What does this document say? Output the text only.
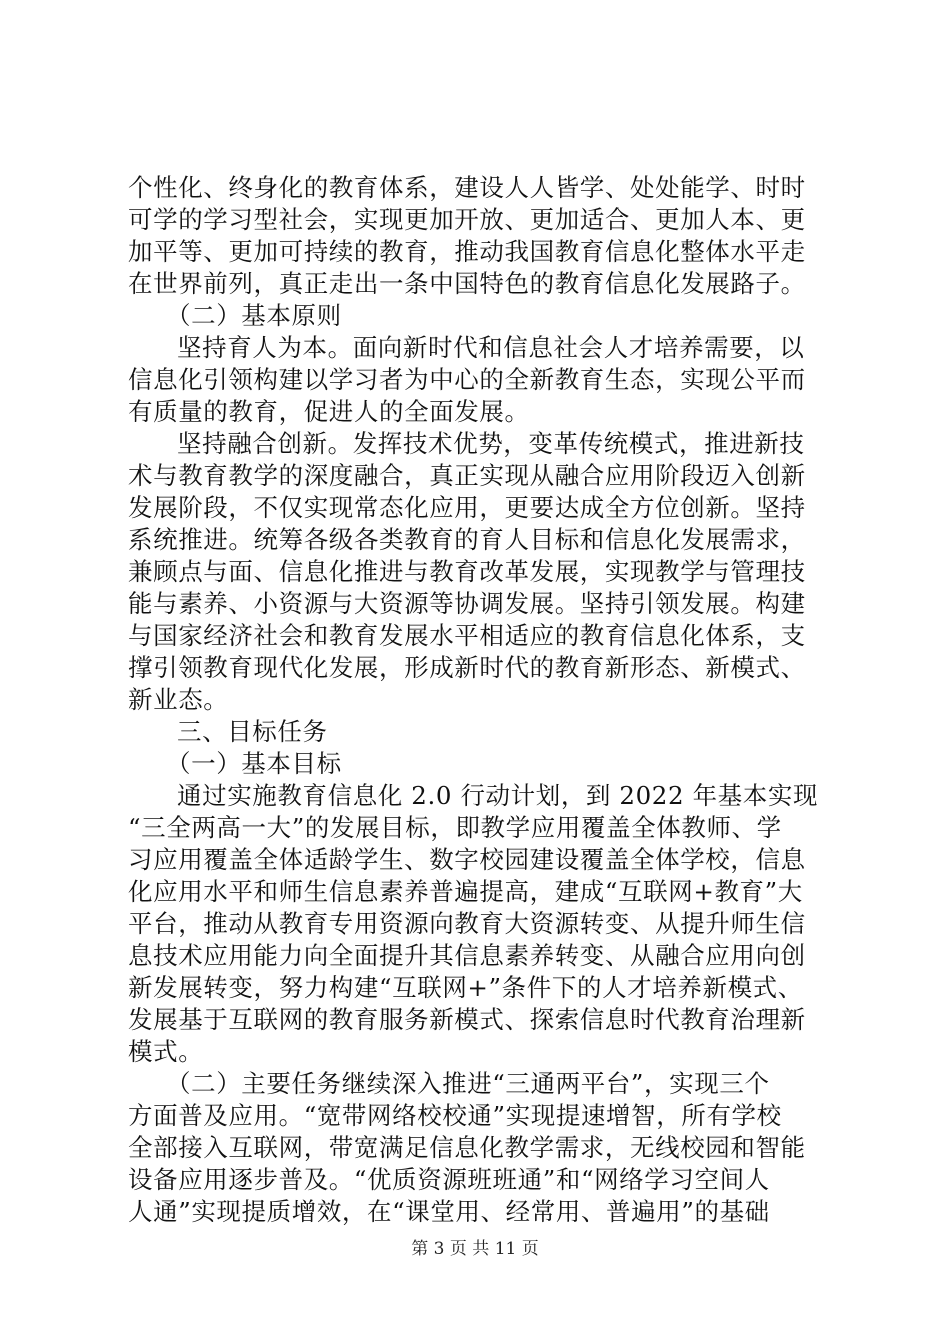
个性化、终身化的教育体系，建设人人皆学、处处能学、时时
可学的学习型社会，实现更加开放、更加适合、更加人本、更
加平等、更加可持续的教育，推动我国教育信息化整体水平走
在世界前列，真正走出一条中国特色的教育信息化发展路子。
（二）基本原则
坚持育人为本。面向新时代和信息社会人才培养需要，以
信息化引领构建以学习者为中心的全新教育生态，实现公平而
有质量的教育，促进人的全面发展。
坚持融合创新。发挥技术优势，变革传统模式，推进新技
术与教育教学的深度融合，真正实现从融合应用阶段迈入创新
发展阶段，不仅实现常态化应用，更要达成全方位创新。坚持
系统推进。统筹各级各类教育的育人目标和信息化发展需求，
兼顾点与面、信息化推进与教育改革发展，实现教学与管理技
能与素养、小资源与大资源等协调发展。坚持引领发展。构建
与国家经济社会和教育发展水平相适应的教育信息化体系，支
撑引领教育现代化发展，形成新时代的教育新形态、新模式、
新业态。
三、目标任务
（一）基本目标
通过实施教育信息化 2.0 行动计划，到 2022 年基本实现
“三全两高一大”的发展目标，即教学应用覆盖全体教师、学
习应用覆盖全体适龄学生、数字校园建设覆盖全体学校，信息
化应用水平和师生信息素养普遍提高，建成“互联网+教育”大
平台，推动从教育专用资源向教育大资源转变、从提升师生信
息技术应用能力向全面提升其信息素养转变、从融合应用向创
新发展转变，努力构建“互联网+”条件下的人才培养新模式、
发展基于互联网的教育服务新模式、探索信息时代教育治理新
模式。
（二）主要任务继续深入推进“三通两平台”，实现三个
方面普及应用。“宽带网络校校通”实现提速增智，所有学校
全部接入互联网，带宽满足信息化教学需求，无线校园和智能
设备应用逐步普及。“优质资源班班通”和“网络学习空间人
人通”实现提质增效，在“课堂用、经常用、普遍用”的基础
第 3 页 共 11 页
